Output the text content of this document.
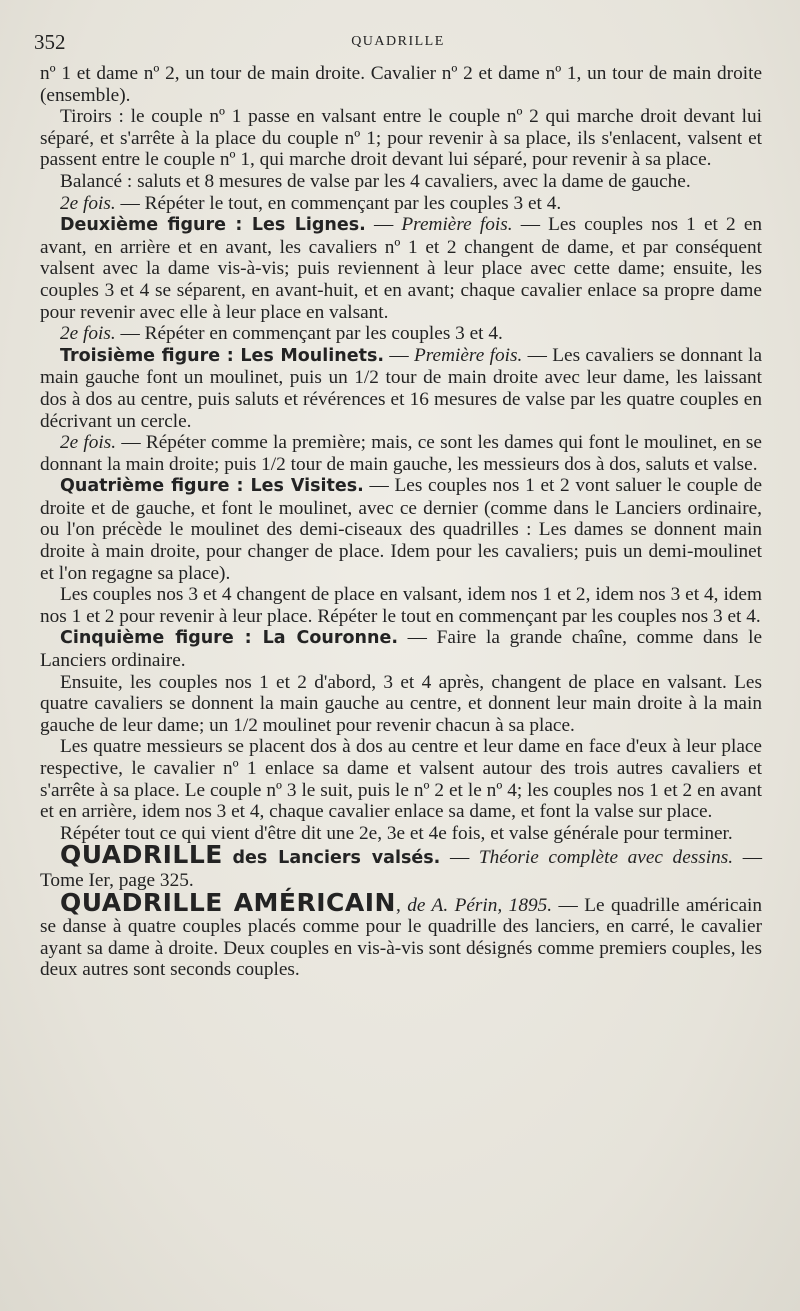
352	QUADRILLE

nº 1 et dame nº 2, un tour de main droite. Cavalier nº 2 et dame nº 1, un tour de main droite (ensemble).

Tiroirs : le couple nº 1 passe en valsant entre le couple nº 2 qui marche droit devant lui séparé, et s'arrête à la place du couple nº 1; pour revenir à sa place, ils s'enlacent, valsent et passent entre le couple nº 1, qui marche droit devant lui séparé, pour revenir à sa place.

Balancé : saluts et 8 mesures de valse par les 4 cavaliers, avec la dame de gauche.

2e fois. — Répéter le tout, en commençant par les couples 3 et 4.

Deuxième figure : Les Lignes. — Première fois. — Les couples nos 1 et 2 en avant, en arrière et en avant, les cavaliers nº 1 et 2 changent de dame, et par conséquent valsent avec la dame vis-à-vis; puis reviennent à leur place avec cette dame; ensuite, les couples 3 et 4 se séparent, en avant-huit, et en avant; chaque cavalier enlace sa propre dame pour revenir avec elle à leur place en valsant.

2e fois. — Répéter en commençant par les couples 3 et 4.

Troisième figure : Les Moulinets. — Première fois. — Les cavaliers se donnant la main gauche font un moulinet, puis un 1/2 tour de main droite avec leur dame, les laissant dos à dos au centre, puis saluts et révérences et 16 mesures de valse par les quatre couples en décrivant un cercle.

2e fois. — Répéter comme la première; mais, ce sont les dames qui font le moulinet, en se donnant la main droite; puis 1/2 tour de main gauche, les messieurs dos à dos, saluts et valse.

Quatrième figure : Les Visites. — Les couples nos 1 et 2 vont saluer le couple de droite et de gauche, et font le moulinet, avec ce dernier (comme dans le Lanciers ordinaire, ou l'on précède le moulinet des demi-ciseaux des quadrilles : Les dames se donnent main droite à main droite, pour changer de place. Idem pour les cavaliers; puis un demi-moulinet et l'on regagne sa place).

Les couples nos 3 et 4 changent de place en valsant, idem nos 1 et 2, idem nos 3 et 4, idem nos 1 et 2 pour revenir à leur place. Répéter le tout en commençant par les couples nos 3 et 4.

Cinquième figure : La Couronne. — Faire la grande chaîne, comme dans le Lanciers ordinaire.

Ensuite, les couples nos 1 et 2 d'abord, 3 et 4 après, changent de place en valsant. Les quatre cavaliers se donnent la main gauche au centre, et donnent leur main droite à la main gauche de leur dame; un 1/2 moulinet pour revenir chacun à sa place.

Les quatre messieurs se placent dos à dos au centre et leur dame en face d'eux à leur place respective, le cavalier nº 1 enlace sa dame et valsent autour des trois autres cavaliers et s'arrête à sa place. Le couple nº 3 le suit, puis le nº 2 et le nº 4; les couples nos 1 et 2 en avant et en arrière, idem nos 3 et 4, chaque cavalier enlace sa dame, et font la valse sur place.

Répéter tout ce qui vient d'être dit une 2e, 3e et 4e fois, et valse générale pour terminer.

QUADRILLE des Lanciers valsés. — Théorie complète avec dessins. — Tome Ier, page 325.

QUADRILLE AMÉRICAIN, de A. Périn, 1895. — Le quadrille américain se danse à quatre couples placés comme pour le quadrille des lanciers, en carré, le cavalier ayant sa dame à droite. Deux couples en vis-à-vis sont désignés comme premiers couples, les deux autres sont seconds couples.
